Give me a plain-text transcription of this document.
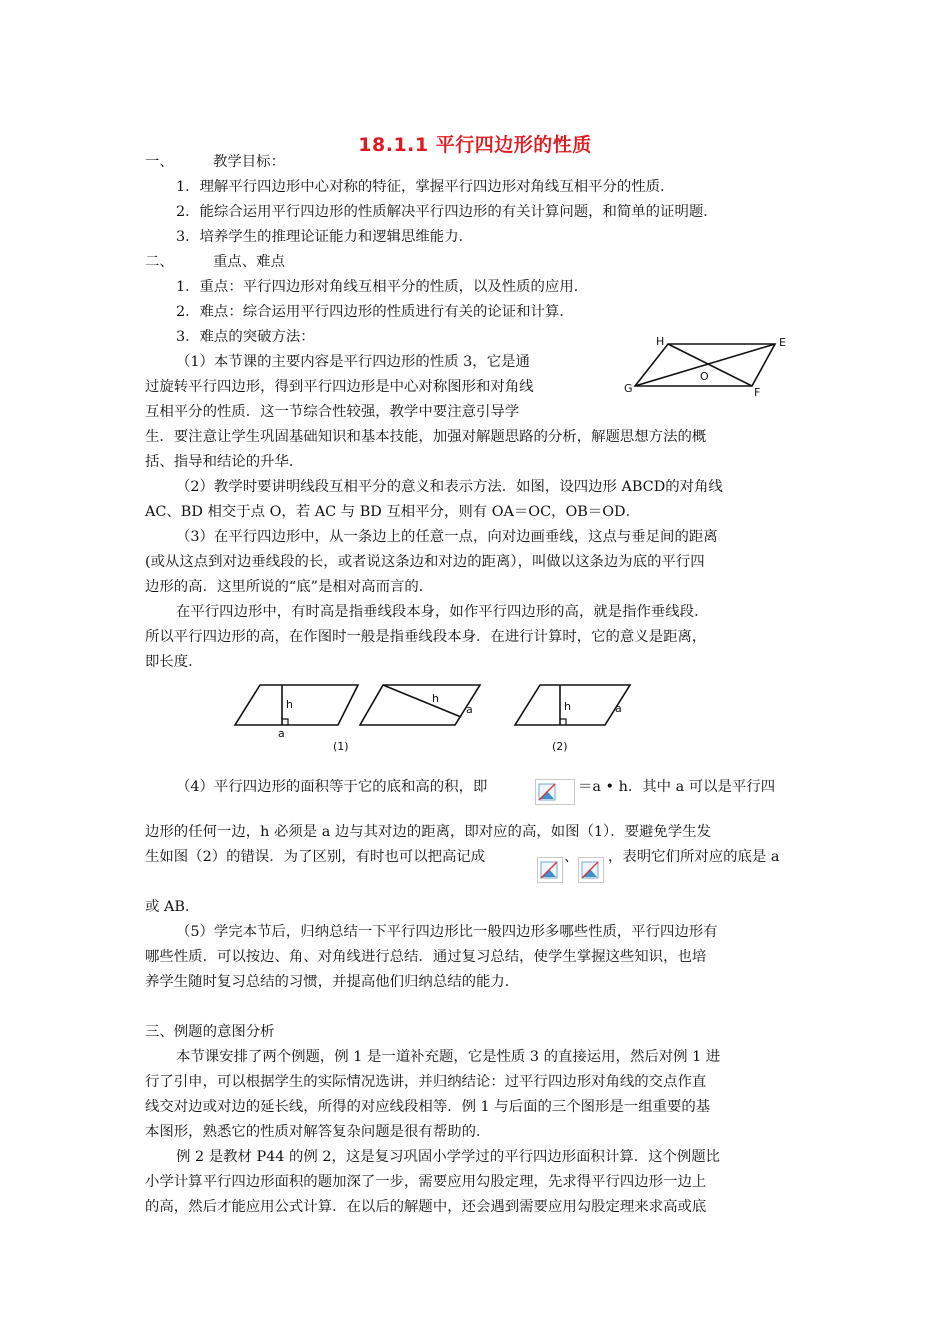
18.1.1 平行四边形的性质
一、	教学目标：
1．理解平行四边形中心对称的特征，掌握平行四边形对角线互相平分的性质．
2．能综合运用平行四边形的性质解决平行四边形的有关计算问题，和简单的证明题．
3．培养学生的推理论证能力和逻辑思维能力．
二、	重点、难点
1．重点：平行四边形对角线互相平分的性质，以及性质的应用．
2．难点：综合运用平行四边形的性质进行有关的论证和计算．
3．难点的突破方法：	H	E
G	F
O
（1）本节课的主要内容是平行四边形的性质 3，它是通
过旋转平行四边形，得到平行四边形是中心对称图形和对角线
互相平分的性质．这一节综合性较强，教学中要注意引导学
生．要注意让学生巩固基础知识和基本技能，加强对解题思路的分析，解题思想方法的概
括、指导和结论的升华．
（2）教学时要讲明线段互相平分的意义和表示方法．如图，设四边形 ABCD的对角线
AC、BD 相交于点 O，若 AC 与 BD 互相平分，则有 OA＝OC，OB＝OD．
（3）在平行四边形中，从一条边上的任意一点，向对边画垂线，这点与垂足间的距离
(或从这点到对边垂线段的长，或者说这条边和对边的距离），叫做以这条边为底的平行四
边形的高．这里所说的“底”是相对高而言的．
在平行四边形中，有时高是指垂线段本身，如作平行四边形的高，就是指作垂线段．
所以平行四边形的高，在作图时一般是指垂线段本身．在进行计算时，它的意义是距离，
即长度．
h
a
h
a
(1)
h	a
(2)
（4）平行四边形的面积等于它的底和高的积，即	＝a • h．其中 a 可以是平行四
边形的任何一边，h 必须是 a 边与其对边的距离，即对应的高，如图（1）．要避免学生发
生如图（2）的错误．为了区别，有时也可以把高记成	、 ，表明它们所对应的底是 a
或 AB．
（5）学完本节后，归纳总结一下平行四边形比一般四边形多哪些性质，平行四边形有
哪些性质．可以按边、角、对角线进行总结．通过复习总结，使学生掌握这些知识，也培
养学生随时复习总结的习惯，并提高他们归纳总结的能力．
三、例题的意图分析
本节课安排了两个例题，例 1 是一道补充题，它是性质 3 的直接运用，然后对例 1 进
行了引申，可以根据学生的实际情况选讲，并归纳结论：过平行四边形对角线的交点作直
线交对边或对边的延长线，所得的对应线段相等．例 1 与后面的三个图形是一组重要的基
本图形，熟悉它的性质对解答复杂问题是很有帮助的．
例 2 是教材 P44 的例 2，这是复习巩固小学学过的平行四边形面积计算．这个例题比
小学计算平行四边形面积的题加深了一步，需要应用勾股定理，先求得平行四边形一边上
的高，然后才能应用公式计算．在以后的解题中，还会遇到需要应用勾股定理来求高或底
